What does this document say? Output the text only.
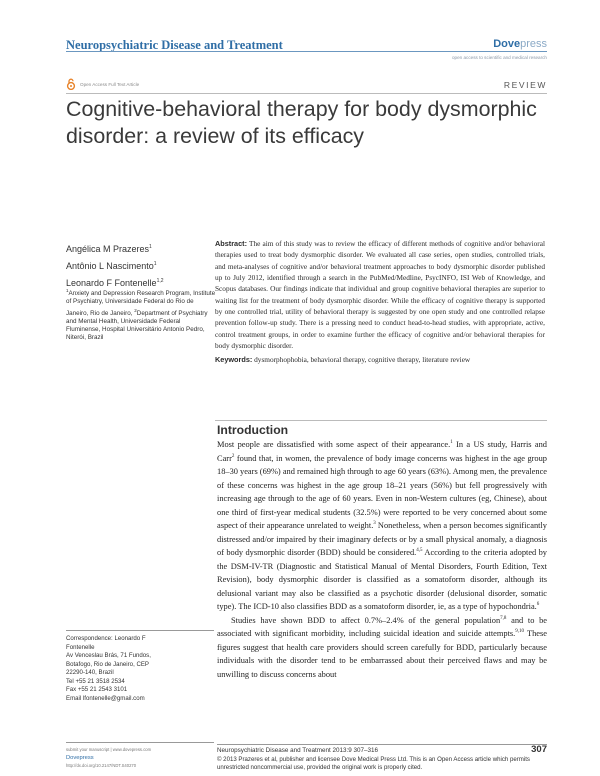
Neuropsychiatric Disease and Treatment	Dovepress
open access to scientific and medical research
Open Access Full Text Article	REVIEW
Cognitive-behavioral therapy for body dysmorphic disorder: a review of its efficacy
Angélica M Prazeres$^1$
Antônio L Nascimento$^1$
Leonardo F Fontenelle$^{1,2}$
$^1$Anxiety and Depression Research Program, Institute of Psychiatry, Universidade Federal do Rio de Janeiro, Rio de Janeiro, $^2$Department of Psychiatry and Mental Health, Universidade Federal Fluminense, Hospital Universitário Antonio Pedro, Niterói, Brazil

Abstract: The aim of this study was to review the efficacy of different methods of cognitive and/or behavioral therapies used to treat body dysmorphic disorder. We evaluated all case series, open studies, controlled trials, and meta-analyses of cognitive and/or behavioral treatment approaches to body dysmorphic disorder published up to July 2012, identified through a search in the PubMed/Medline, PsycINFO, ISI Web of Knowledge, and Scopus databases. Our findings indicate that individual and group cognitive behavioral therapies are superior to waiting list for the treatment of body dysmorphic disorder. While the efficacy of cognitive therapy is supported by one controlled trial, utility of behavioral therapy is suggested by one open study and one controlled relapse prevention follow-up study. There is a pressing need to conduct head-to-head studies, with appropriate, active, control treatment groups, in order to examine further the efficacy of cognitive and/or behavioral therapies for body dysmorphic disorder.

Keywords: dysmorphophobia, behavioral therapy, cognitive therapy, literature review

Introduction

Most people are dissatisfied with some aspect of their appearance.$^1$ In a US study, Harris and Carr$^2$ found that, in women, the prevalence of body image concerns was highest in the age group 18–30 years (69%) and remained high through to age 60 years (63%). Among men, the prevalence of these concerns was highest in the age group 18–21 years (56%) but fell progressively with increasing age through to the age of 60 years. Even in non-Western cultures (eg, Chinese), about one third of first-year medical students (32.5%) were reported to be very concerned about some aspect of their appearance unrelated to weight.$^3$ Nonetheless, when a person becomes significantly distressed and/or impaired by their imaginary defects or by a small physical anomaly, a diagnosis of body dysmorphic disorder (BDD) should be considered.$^{4,5}$ According to the criteria adopted by the DSM-IV-TR (Diagnostic and Statistical Manual of Mental Disorders, Fourth Edition, Text Revision), body dysmorphic disorder is classified as a somatoform disorder, although its delusional variant may also be classified as a psychotic disorder (delusional disorder, somatic type). The ICD-10 also classifies BDD as a somatoform disorder, ie, as a type of hypochondria.$^6$

Studies have shown BDD to affect 0.7%–2.4% of the general population$^{7,8}$ and to be associated with significant morbidity, including suicidal ideation and suicide attempts.$^{9,10}$ These figures suggest that health care providers should screen carefully for BDD, particularly because individuals with the disorder tend to be embarrassed about their perceived flaws and may be unwilling to discuss concerns about

Correspondence: Leonardo F
Fontenelle
Av Venceslau Brás, 71 Fundos,
Botafogo, Rio de Janeiro, CEP
22290-140, Brazil
Tel +55 21 3518 2534
Fax +55 21 2543 3101
Email lfontenelle@gmail.com
submit your manuscript | www.dovepress.com
Dovepress
http://dx.doi.org/10.2147/NDT.S40270
Neuropsychiatric Disease and Treatment 2013:9 307–316	307
© 2013 Prazeres et al, publisher and licensee Dove Medical Press Ltd. This is an Open Access article which permits unrestricted noncommercial use, provided the original work is properly cited.
